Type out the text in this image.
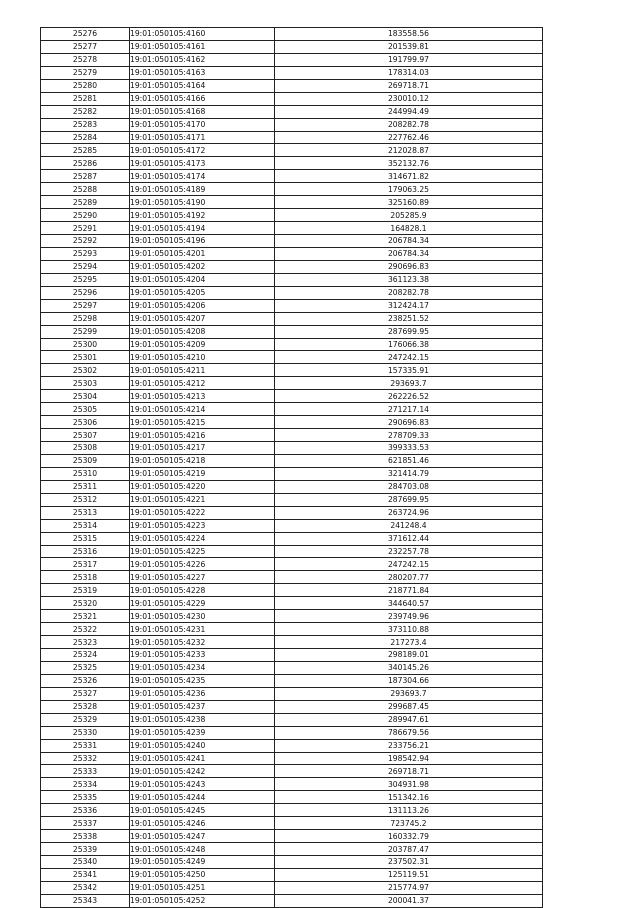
25276	19:01:050105:4160	183558.56
25277	19:01:050105:4161	201539.81
25278	19:01:050105:4162	191799.97
25279	19:01:050105:4163	178314.03
25280	19:01:050105:4164	269718.71
25281	19:01:050105:4166	230010.12
25282	19:01:050105:4168	244994.49
25283	19:01:050105:4170	208282.78
25284	19:01:050105:4171	227762.46
25285	19:01:050105:4172	212028.87
25286	19:01:050105:4173	352132.76
25287	19:01:050105:4174	314671.82
25288	19:01:050105:4189	179063.25
25289	19:01:050105:4190	325160.89
25290	19:01:050105:4192	205285.9
25291	19:01:050105:4194	164828.1
25292	19:01:050105:4196	206784.34
25293	19:01:050105:4201	206784.34
25294	19:01:050105:4202	290696.83
25295	19:01:050105:4204	361123.38
25296	19:01:050105:4205	208282.78
25297	19:01:050105:4206	312424.17
25298	19:01:050105:4207	238251.52
25299	19:01:050105:4208	287699.95
25300	19:01:050105:4209	176066.38
25301	19:01:050105:4210	247242.15
25302	19:01:050105:4211	157335.91
25303	19:01:050105:4212	293693.7
25304	19:01:050105:4213	262226.52
25305	19:01:050105:4214	271217.14
25306	19:01:050105:4215	290696.83
25307	19:01:050105:4216	278709.33
25308	19:01:050105:4217	399333.53
25309	19:01:050105:4218	621851.46
25310	19:01:050105:4219	321414.79
25311	19:01:050105:4220	284703.08
25312	19:01:050105:4221	287699.95
25313	19:01:050105:4222	263724.96
25314	19:01:050105:4223	241248.4
25315	19:01:050105:4224	371612.44
25316	19:01:050105:4225	232257.78
25317	19:01:050105:4226	247242.15
25318	19:01:050105:4227	280207.77
25319	19:01:050105:4228	218771.84
25320	19:01:050105:4229	344640.57
25321	19:01:050105:4230	239749.96
25322	19:01:050105:4231	373110.88
25323	19:01:050105:4232	217273.4
25324	19:01:050105:4233	298189.01
25325	19:01:050105:4234	340145.26
25326	19:01:050105:4235	187304.66
25327	19:01:050105:4236	293693.7
25328	19:01:050105:4237	299687.45
25329	19:01:050105:4238	289947.61
25330	19:01:050105:4239	786679.56
25331	19:01:050105:4240	233756.21
25332	19:01:050105:4241	198542.94
25333	19:01:050105:4242	269718.71
25334	19:01:050105:4243	304931.98
25335	19:01:050105:4244	151342.16
25336	19:01:050105:4245	131113.26
25337	19:01:050105:4246	723745.2
25338	19:01:050105:4247	160332.79
25339	19:01:050105:4248	203787.47
25340	19:01:050105:4249	237502.31
25341	19:01:050105:4250	125119.51
25342	19:01:050105:4251	215774.97
25343	19:01:050105:4252	200041.37
